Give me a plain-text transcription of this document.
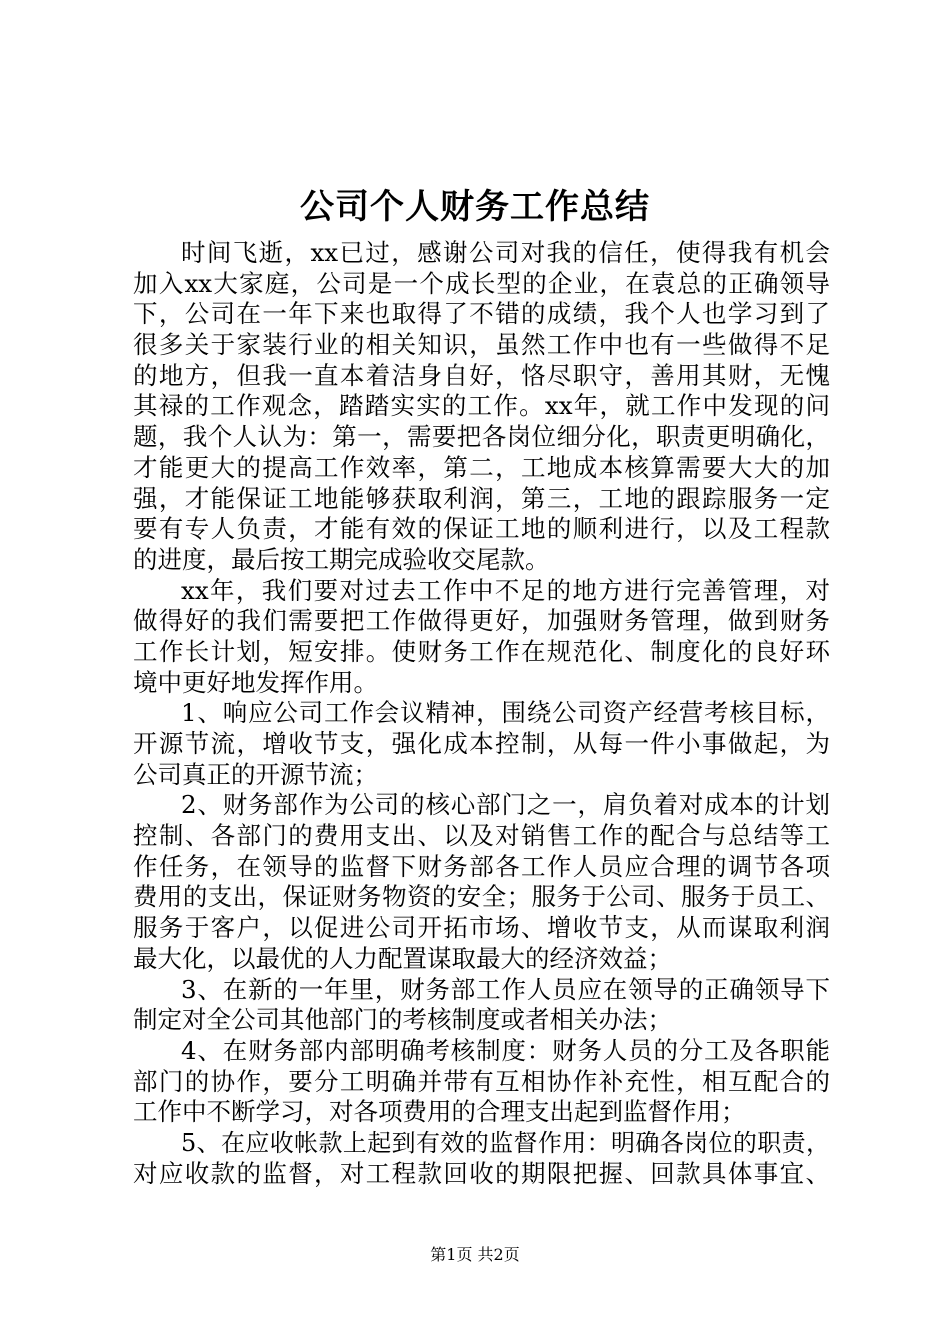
公司个人财务工作总结
时间飞逝，xx已过，感谢公司对我的信任，使得我有机会
加入xx大家庭，公司是一个成长型的企业，在袁总的正确领导
下，公司在一年下来也取得了不错的成绩，我个人也学习到了
很多关于家装行业的相关知识，虽然工作中也有一些做得不足
的地方，但我一直本着洁身自好，恪尽职守，善用其财，无愧
其禄的工作观念，踏踏实实的工作。xx年，就工作中发现的问
题，我个人认为：第一，需要把各岗位细分化，职责更明确化，
才能更大的提高工作效率，第二，工地成本核算需要大大的加
强，才能保证工地能够获取利润，第三，工地的跟踪服务一定
要有专人负责，才能有效的保证工地的顺利进行，以及工程款
的进度，最后按工期完成验收交尾款。
xx年，我们要对过去工作中不足的地方进行完善管理，对
做得好的我们需要把工作做得更好，加强财务管理，做到财务
工作长计划，短安排。使财务工作在规范化、制度化的良好环
境中更好地发挥作用。
1、响应公司工作会议精神，围绕公司资产经营考核目标，
开源节流，增收节支，强化成本控制，从每一件小事做起，为
公司真正的开源节流；
2、财务部作为公司的核心部门之一，肩负着对成本的计划
控制、各部门的费用支出、以及对销售工作的配合与总结等工
作任务，在领导的监督下财务部各工作人员应合理的调节各项
费用的支出，保证财务物资的安全；服务于公司、服务于员工、
服务于客户，以促进公司开拓市场、增收节支，从而谋取利润
最大化，以最优的人力配置谋取最大的经济效益；
3、在新的一年里，财务部工作人员应在领导的正确领导下
制定对全公司其他部门的考核制度或者相关办法；
4、在财务部内部明确考核制度：财务人员的分工及各职能
部门的协作，要分工明确并带有互相协作补充性，相互配合的
工作中不断学习，对各项费用的合理支出起到监督作用；
5、在应收帐款上起到有效的监督作用：明确各岗位的职责，
对应收款的监督，对工程款回收的期限把握、回款具体事宜、
第1页 共2页
